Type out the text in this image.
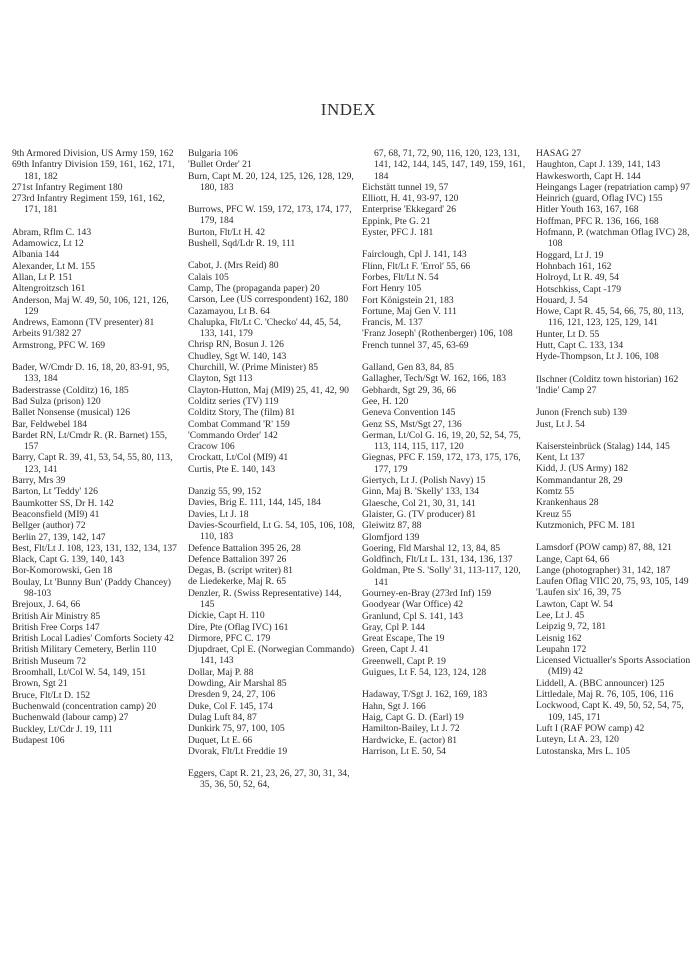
INDEX
9th Armored Division, US Army 159, 162
69th Infantry Division 159, 161, 162, 171, 181, 182
271st Infantry Regiment 180
273rd Infantry Regiment 159, 161, 162, 171, 181
Abram, Rflm C. 143
Adamowicz, Lt 12
Albania 144
Alexander, Lt M. 155
Allan, Lt P. 151
Altengroitzsch 161
Anderson, Maj W. 49, 50, 106, 121, 126, 129
Andrews, Eamonn (TV presenter) 81
Arbeits 91/382 27
Armstrong, PFC W. 169
Bader, W/Cmdr D. 16, 18, 20, 83-91, 95, 133, 184
Baderstrasse (Colditz) 16, 185
Bad Sulza (prison) 120
Ballet Nonsense (musical) 126
Bar, Feldwebel 184
Bardet RN, Lt/Cmdr R. (R. Barnet) 155, 157
Barry, Capt R. 39, 41, 53, 54, 55, 80, 113, 123, 141
Barry, Mrs 39
Barton, Lt 'Teddy' 126
Baumkotter SS, Dr H. 142
Beaconsfield (MI9) 41
Bellger (author) 72
Berlin 27, 139, 142, 147
Best, Flt/Lt J. 108, 123, 131, 132, 134, 137
Black, Capt G. 139, 140, 143
Bor-Komorowski, Gen 18
Boulay, Lt 'Bunny Bun' (Paddy Chancey) 98-103
Brejoux, J. 64, 66
British Air Ministry 85
British Free Corps 147
British Local Ladies' Comforts Society 42
British Military Cemetery, Berlin 110
British Museum 72
Broomhall, Lt/Col W. 54, 149, 151
Brown, Sgt 21
Bruce, Flt/Lt D. 152
Buchenwald (concentration camp) 20
Buchenwald (labour camp) 27
Buckley, Lt/Cdr J. 19, 111
Budapest 106
Bulgaria 106
'Bullet Order' 21
Burn, Capt M. 20, 124, 125, 126, 128, 129, 180, 183
Burrows, PFC W. 159, 172, 173, 174, 177, 179, 184
Burton, Flt/Lt H. 42
Bushell, Sqd/Ldr R. 19, 111
Cabot, J. (Mrs Reid) 80
Calais 105
Camp, The (propaganda paper) 20
Carson, Lee (US correspondent) 162, 180
Cazamayou, Lt B. 64
Chalupka, Flt/Lt C. 'Checko' 44, 45, 54, 133, 141, 179
Chrisp RN, Bosun J. 126
Chudley, Sgt W. 140, 143
Churchill, W. (Prime Minister) 85
Clayton, Sgt 113
Clayton-Hutton, Maj (MI9) 25, 41, 42, 90
Colditz series (TV) 119
Colditz Story, The (film) 81
Combat Command 'R' 159
'Commando Order' 142
Cracow 106
Crockatt, Lt/Col (MI9) 41
Curtis, Pte E. 140, 143
Danzig 55, 99, 152
Davies, Brig E. 111, 144, 145, 184
Davies, Lt J. 18
Davies-Scourfield, Lt G. 54, 105, 106, 108, 110, 183
Defence Battalion 395 26, 28
Defence Battalion 397 26
Degas, B. (script writer) 81
de Liedekerke, Maj R. 65
Denzler, R. (Swiss Representative) 144, 145
Dickie, Capt H. 110
Dire, Pte (Oflag IVC) 161
Dirmore, PFC C. 179
Djupdraet, Cpl E. (Norwegian Commando) 141, 143
Dollar, Maj P. 88
Dowding, Air Marshal 85
Dresden 9, 24, 27, 106
Duke, Col F. 145, 174
Dulag Luft 84, 87
Dunkirk 75, 97, 100, 105
Duquet, Lt E. 66
Dvorak, Flt/Lt Freddie 19
Eggers, Capt R. 21, 23, 26, 27, 30, 31, 34, 35, 36, 50, 52, 64,
67, 68, 71, 72, 90, 116, 120, 123, 131, 141, 142, 144, 145, 147, 149, 159, 161, 184
Eichstätt tunnel 19, 57
Elliott, H. 41, 93-97, 120
Enterprise 'Ekkegard' 26
Eppink, Pte G. 21
Eyster, PFC J. 181
Fairclough, Cpl J. 141, 143
Flinn, Flt/Lt F. 'Errol' 55, 66
Forbes, Flt/Lt N. 54
Fort Henry 105
Fort Königstein 21, 183
Fortune, Maj Gen V. 111
Francis, M. 137
'Franz Joseph' (Rothenberger) 106, 108
French tunnel 37, 45, 63-69
Galland, Gen 83, 84, 85
Gallagher, Tech/Sgt W. 162, 166, 183
Gebhardt, Sgt 29, 36, 66
Gee, H. 120
Geneva Convention 145
Genz SS, Mst/Sgt 27, 136
German, Lt/Col G. 16, 19, 20, 52, 54, 75, 113, 114, 115, 117, 120
Giegnas, PFC F. 159, 172, 173, 175, 176, 177, 179
Giertych, Lt J. (Polish Navy) 15
Ginn, Maj B. 'Skelly' 133, 134
Glaesche, Col 21, 30, 31, 141
Glaister, G. (TV producer) 81
Gleiwitz 87, 88
Glomfjord 139
Goering, Fld Marshal 12, 13, 84, 85
Goldfinch, Flt/Lt L. 131, 134, 136, 137
Goldman, Pte S. 'Solly' 31, 113-117, 120, 141
Gourney-en-Bray (273rd Inf) 159
Goodyear (War Office) 42
Granlund, Cpl S. 141, 143
Gray, Cpl P. 144
Great Escape, The 19
Green, Capt J. 41
Greenwell, Capt P. 19
Guigues, Lt F. 54, 123, 124, 128
Hadaway, T/Sgt J. 162, 169, 183
Hahn, Sgt J. 166
Haig, Capt G. D. (Earl) 19
Hamilton-Bailey, Lt J. 72
Hardwicke, E. (actor) 81
Harrison, Lt E. 50, 54
HASAG 27
Haughton, Capt J. 139, 141, 143
Hawkesworth, Capt H. 144
Heingangs Lager (repatriation camp) 97
Heinrich (guard, Oflag IVC) 155
Hitler Youth 163, 167, 168
Hoffman, PFC R. 136, 166, 168
Hofmann, P. (watchman Oflag IVC) 28, 108
Hoggard, Lt J. 19
Hohnbach 161, 162
Holroyd, Lt R. 49, 54
Hotschkiss, Capt -179
Houard, J. 54
Howe, Capt R. 45, 54, 66, 75, 80, 113, 116, 121, 123, 125, 129, 141
Hunter, Lt D. 55
Hutt, Capt C. 133, 134
Hyde-Thompson, Lt J. 106, 108
Ilschner (Colditz town historian) 162
'Indie' Camp 27
Junon (French sub) 139
Just, Lt J. 54
Kaisersteinbrück (Stalag) 144, 145
Kent, Lt 137
Kidd, J. (US Army) 182
Kommandantur 28, 29
Komtz 55
Krankenhaus 28
Kreuz 55
Kutzmonich, PFC M. 181
Lamsdorf (POW camp) 87, 88, 121
Lange, Capt 64, 66
Lange (photographer) 31, 142, 187
Laufen Oflag VIIC 20, 75, 93, 105, 149
'Laufen six' 16, 39, 75
Lawton, Capt W. 54
Lee, Lt J. 45
Leipzig 9, 72, 181
Leisnig 162
Leupahn 172
Licensed Victualler's Sports Association (MI9) 42
Liddell, A. (BBC announcer) 125
Littledale, Maj R. 76, 105, 106, 116
Lockwood, Capt K. 49, 50, 52, 54, 75, 109, 145, 171
Luft I (RAF POW camp) 42
Luteyn, Lt A. 23, 120
Lutostanska, Mrs L. 105
